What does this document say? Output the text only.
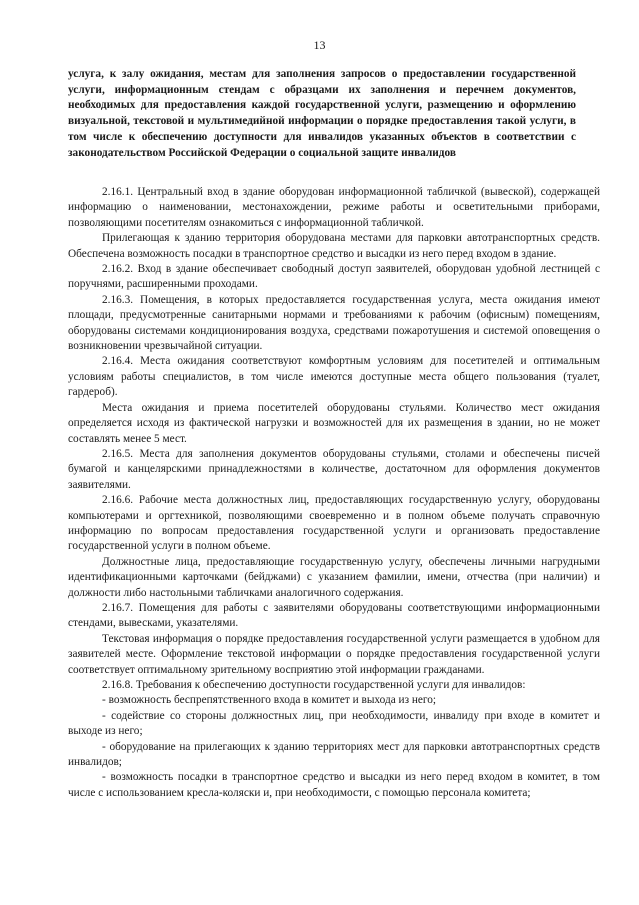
13
услуга, к залу ожидания, местам для заполнения запросов о предоставлении государственной услуги, информационным стендам с образцами их заполнения и перечнем документов, необходимых для предоставления каждой государственной услуги, размещению и оформлению визуальной, текстовой и мультимедийной информации о порядке предоставления такой услуги, в том числе к обеспечению доступности для инвалидов указанных объектов в соответствии с законодательством Российской Федерации о социальной защите инвалидов

2.16.1. Центральный вход в здание оборудован информационной табличкой (вывеской), содержащей информацию о наименовании, местонахождении, режиме работы и осветительными приборами, позволяющими посетителям ознакомиться с информационной табличкой.

Прилегающая к зданию территория оборудована местами для парковки автотранспортных средств. Обеспечена возможность посадки в транспортное средство и высадки из него перед входом в здание.

2.16.2. Вход в здание обеспечивает свободный доступ заявителей, оборудован удобной лестницей с поручнями, расширенными проходами.

2.16.3. Помещения, в которых предоставляется государственная услуга, места ожидания имеют площади, предусмотренные санитарными нормами и требованиями к рабочим (офисным) помещениям, оборудованы системами кондиционирования воздуха, средствами пожаротушения и системой оповещения о возникновении чрезвычайной ситуации.

2.16.4. Места ожидания соответствуют комфортным условиям для посетителей и оптимальным условиям работы специалистов, в том числе имеются доступные места общего пользования (туалет, гардероб).

Места ожидания и приема посетителей оборудованы стульями. Количество мест ожидания определяется исходя из фактической нагрузки и возможностей для их размещения в здании, но не может составлять менее 5 мест.

2.16.5. Места для заполнения документов оборудованы стульями, столами и обеспечены писчей бумагой и канцелярскими принадлежностями в количестве, достаточном для оформления документов заявителями.

2.16.6. Рабочие места должностных лиц, предоставляющих государственную услугу, оборудованы компьютерами и оргтехникой, позволяющими своевременно и в полном объеме получать справочную информацию по вопросам предоставления государственной услуги и организовать предоставление государственной услуги в полном объеме.

Должностные лица, предоставляющие государственную услугу, обеспечены личными нагрудными идентификационными карточками (бейджами) с указанием фамилии, имени, отчества (при наличии) и должности либо настольными табличками аналогичного содержания.

2.16.7. Помещения для работы с заявителями оборудованы соответствующими информационными стендами, вывесками, указателями.

Текстовая информация о порядке предоставления государственной услуги размещается в удобном для заявителей месте. Оформление текстовой информации о порядке предоставления государственной услуги соответствует оптимальному зрительному восприятию этой информации гражданами.

2.16.8. Требования к обеспечению доступности государственной услуги для инвалидов:

- возможность беспрепятственного входа в комитет и выхода из него;

- содействие со стороны должностных лиц, при необходимости, инвалиду при входе в комитет и выходе из него;

- оборудование на прилегающих к зданию территориях мест для парковки автотранспортных средств инвалидов;

- возможность посадки в транспортное средство и высадки из него перед входом в комитет, в том числе с использованием кресла-коляски и, при необходимости, с помощью персонала комитета;
